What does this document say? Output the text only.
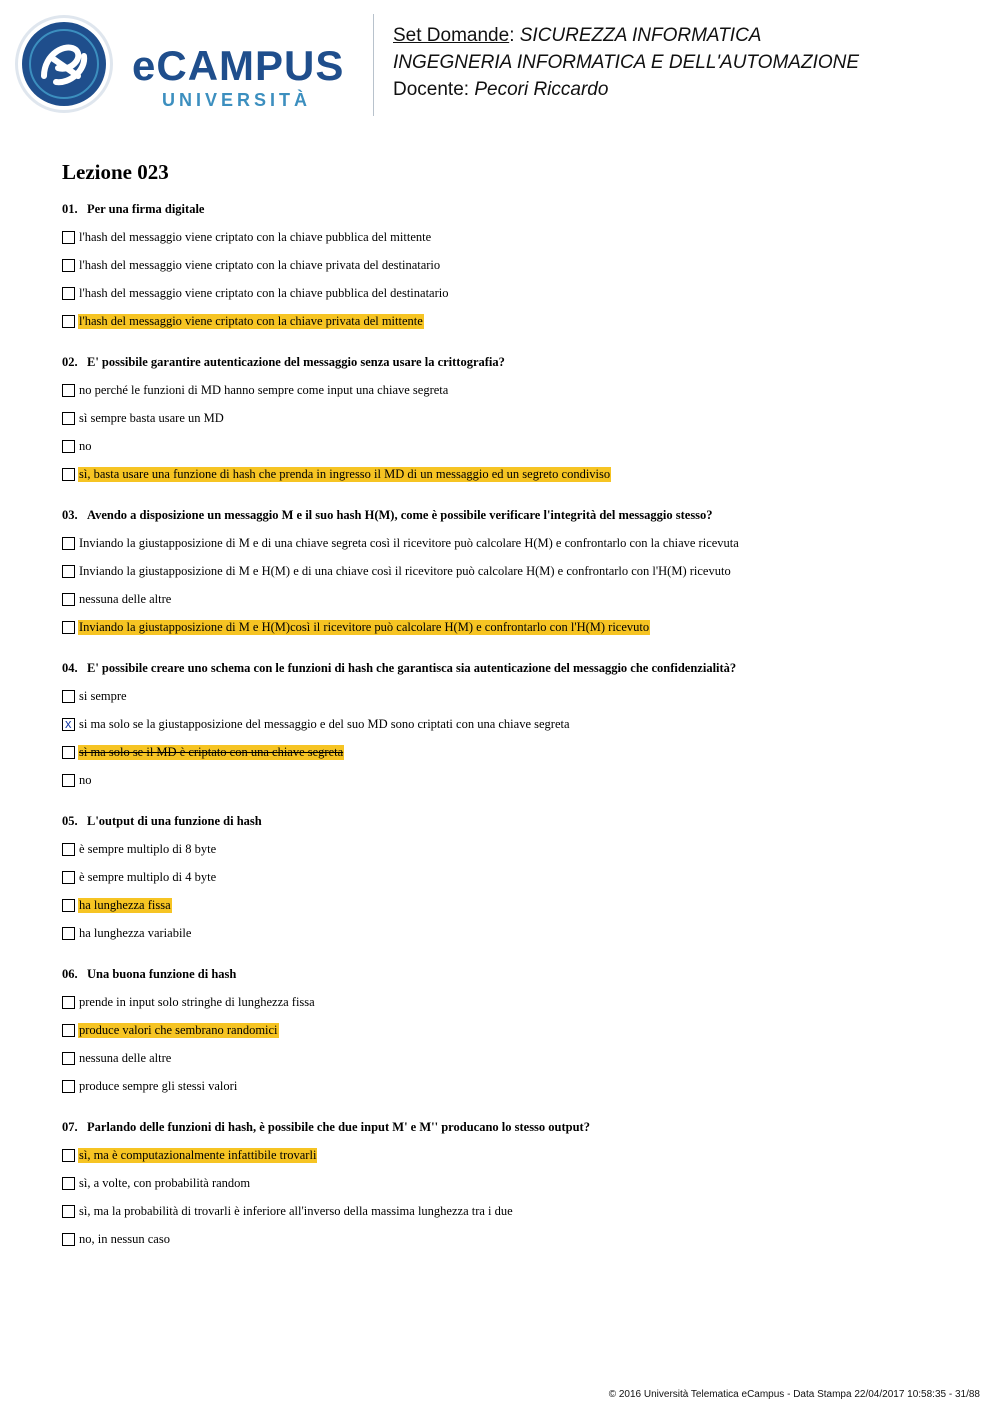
eCAMPUS
UNIVERSITÀ
Set Domande: SICUREZZA INFORMATICA
INGEGNERIA INFORMATICA E DELL'AUTOMAZIONE
Docente: Pecori Riccardo
Lezione 023
01. Per una firma digitale
l'hash del messaggio viene criptato con la chiave pubblica del mittente
l'hash del messaggio viene criptato con la chiave privata del destinatario
l'hash del messaggio viene criptato con la chiave pubblica del destinatario
l'hash del messaggio viene criptato con la chiave privata del mittente
02. E' possibile garantire autenticazione del messaggio senza usare la crittografia?
no perché le funzioni di MD hanno sempre come input una chiave segreta
sì sempre basta usare un MD
no
sì, basta usare una funzione di hash che prenda in ingresso il MD di un messaggio ed un segreto condiviso
03. Avendo a disposizione un messaggio M e il suo hash H(M), come è possibile verificare l'integrità del messaggio stesso?
Inviando la giustapposizione di M e di una chiave segreta così il ricevitore può calcolare H(M) e confrontarlo con la chiave ricevuta
Inviando la giustapposizione di M e H(M) e di una chiave così il ricevitore può calcolare H(M) e confrontarlo con l'H(M) ricevuto
nessuna delle altre
Inviando la giustapposizione di M e H(M)così il ricevitore può calcolare H(M) e confrontarlo con l'H(M) ricevuto
04. E' possibile creare uno schema con le funzioni di hash che garantisca sia autenticazione del messaggio che confidenzialità?
si sempre
x
si ma solo se la giustapposizione del messaggio e del suo MD sono criptati con una chiave segreta
sì ma solo se il MD è criptato con una chiave segreta
no
05. L'output di una funzione di hash
è sempre multiplo di 8 byte
è sempre multiplo di 4 byte
ha lunghezza fissa
ha lunghezza variabile
06. Una buona funzione di hash
prende in input solo stringhe di lunghezza fissa
produce valori che sembrano randomici
nessuna delle altre
produce sempre gli stessi valori
07. Parlando delle funzioni di hash, è possibile che due input M' e M'' producano lo stesso output?
sì, ma è computazionalmente infattibile trovarli
sì, a volte, con probabilità random
sì, ma la probabilità di trovarli è inferiore all'inverso della massima lunghezza tra i due
no, in nessun caso
© 2016 Università Telematica eCampus - Data Stampa 22/04/2017 10:58:35 - 31/88
